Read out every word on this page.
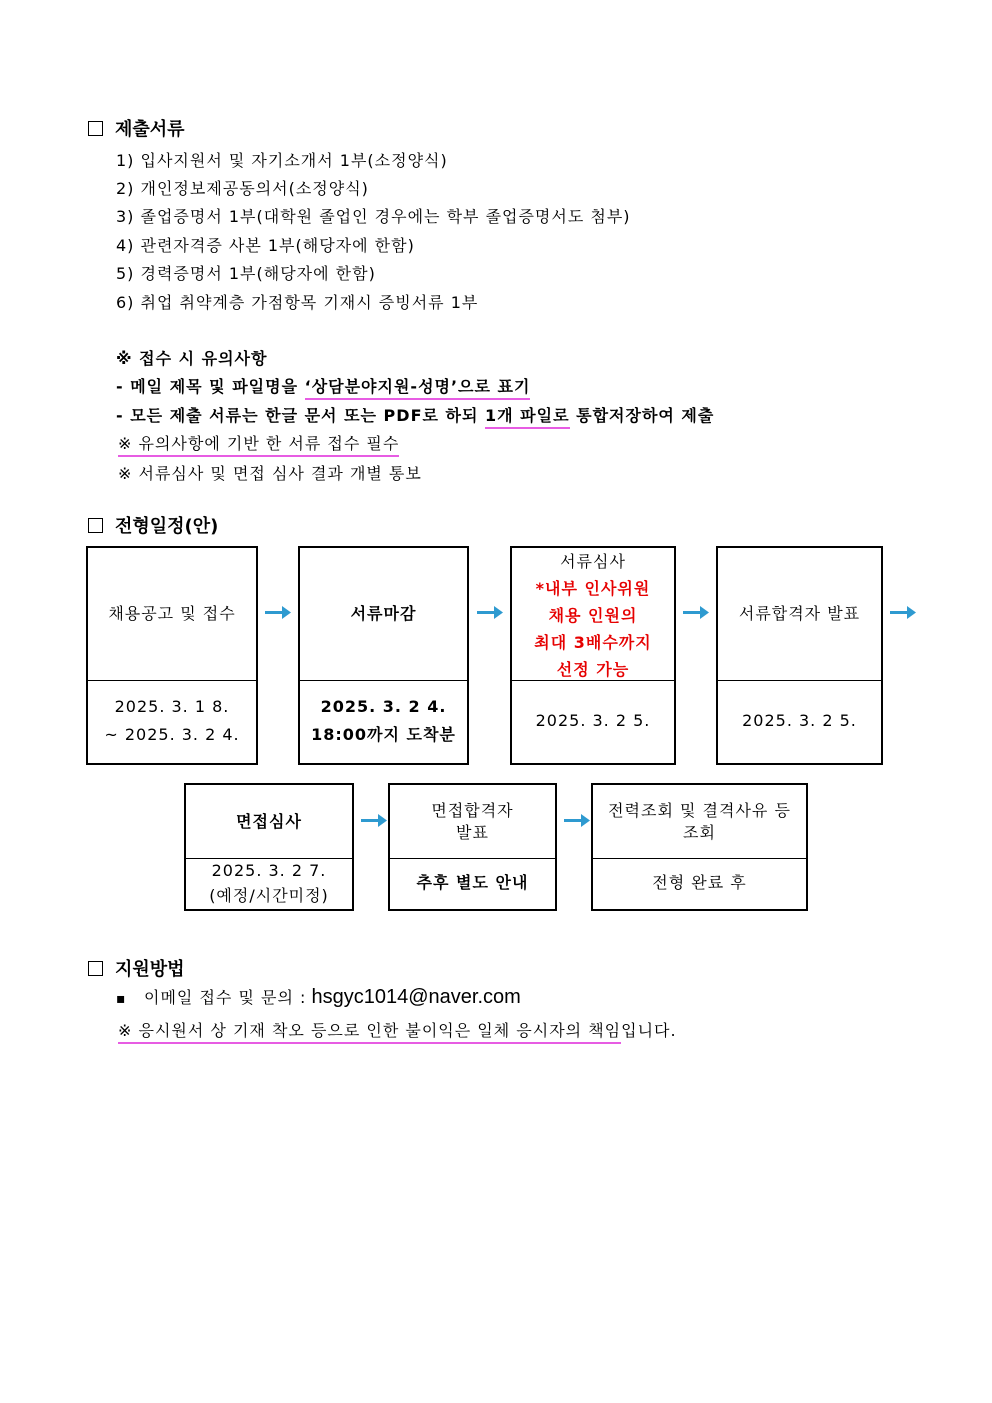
제출서류
1) 입사지원서 및 자기소개서 1부(소정양식)
2) 개인정보제공동의서(소정양식)
3) 졸업증명서 1부(대학원 졸업인 경우에는 학부 졸업증명서도 첨부)
4) 관련자격증 사본 1부(해당자에 한함)
5) 경력증명서 1부(해당자에 한함)
6) 취업 취약계층 가점항목 기재시 증빙서류 1부
※ 접수 시 유의사항
- 메일 제목 및 파일명을 ‘상담분야지원-성명’으로 표기
- 모든 제출 서류는 한글 문서 또는 PDF로 하되 1개 파일로 통합저장하여 제출
※ 유의사항에 기반 한 서류 접수 필수
※ 서류심사 및 면접 심사 결과 개별 통보
전형일정(안)
채용공고 및 접수
2025. 3. 1 8.
~ 2025. 3. 2 4.
서류마감
2025. 3. 2 4.
18:00까지 도착분
서류심사
*내부 인사위원
채용 인원의
최대 3배수까지
선정 가능
2025. 3. 2 5.
서류합격자 발표
2025. 3. 2 5.
면접심사
2025. 3. 2 7.
(예정/시간미정)
면접합격자
발표
추후 별도 안내
전력조회 및 결격사유 등
조회
전형 완료 후
지원방법
▪ 이메일 접수 및 문의 : hsgyc1014@naver.com
※ 응시원서 상 기재 착오 등으로 인한 불이익은 일체 응시자의 책임입니다.
